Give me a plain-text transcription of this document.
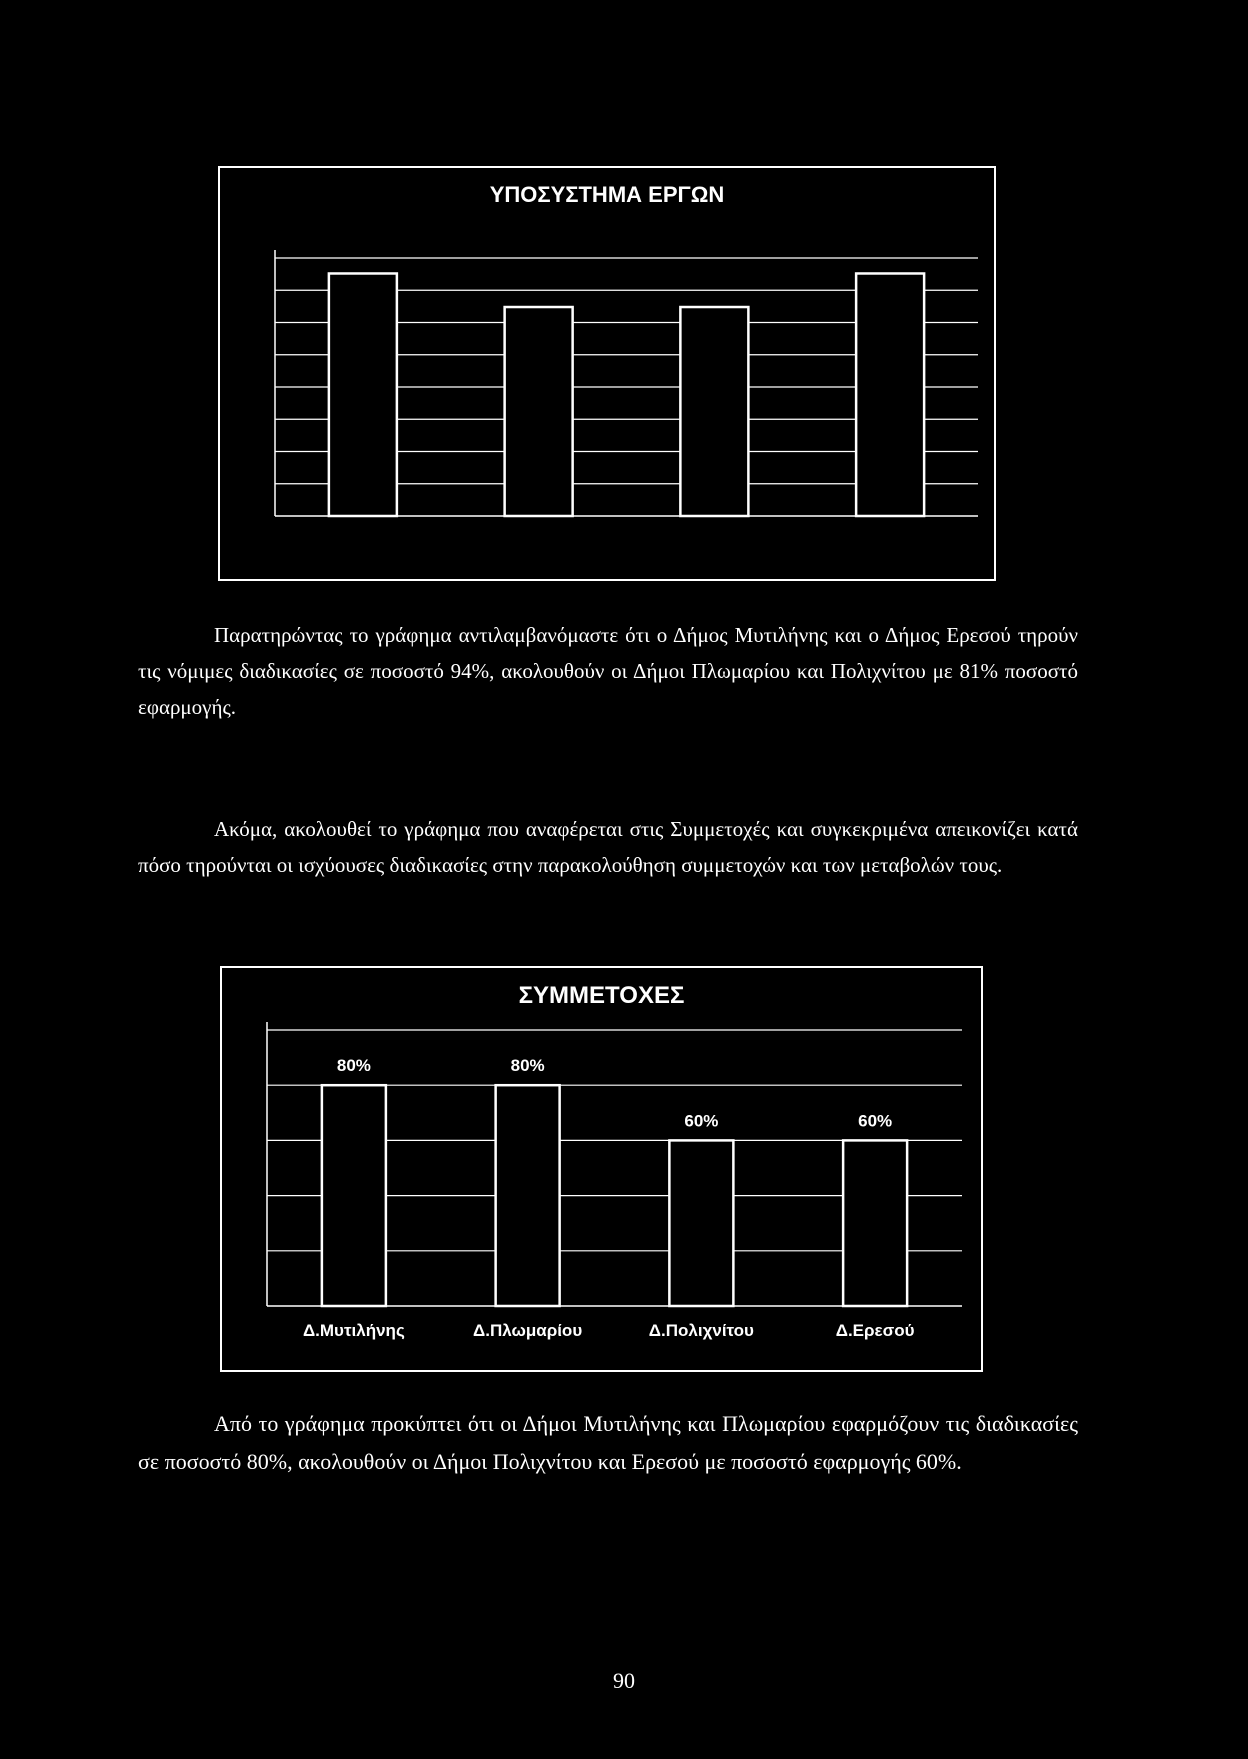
ΥΠΟΣΥΣΤΗΜΑ ΕΡΓΩΝ

Παρατηρώντας το γράφημα αντιλαμβανόμαστε ότι ο Δήμος Μυτιλήνης και ο Δήμος Ερεσού τηρούν τις νόμιμες διαδικασίες σε ποσοστό 94%, ακολουθούν οι Δήμοι Πλωμαρίου και Πολιχνίτου με 81% ποσοστό εφαρμογής.

Ακόμα, ακολουθεί το γράφημα που αναφέρεται στις Συμμετοχές και συγκεκριμένα απεικονίζει κατά πόσο τηρούνται οι ισχύουσες διαδικασίες στην παρακολούθηση συμμετοχών και των μεταβολών τους.

ΣΥΜΜΕΤΟΧΕΣ
Δ.Μυτιλήνης
80%
Δ.Πλωμαρίου
80%
Δ.Πολιχνίτου
60%
Δ.Ερεσού
60%

Από το γράφημα προκύπτει ότι οι Δήμοι Μυτιλήνης και Πλωμαρίου εφαρμόζουν τις διαδικασίες σε ποσοστό 80%, ακολουθούν οι Δήμοι Πολιχνίτου και Ερεσού με ποσοστό εφαρμογής 60%.

90
